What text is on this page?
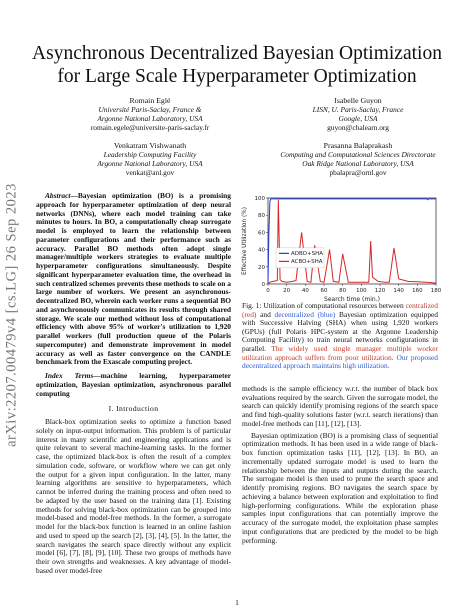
arXiv:2207.00479v4 [cs.LG] 26 Sep 2023
Asynchronous Decentralized Bayesian Optimization
for Large Scale Hyperparameter Optimization
Romain Eglé
Université Paris-Saclay, France &
Argonne National Laboratory, USA
romain.egele@universite-paris-saclay.fr
Isabelle Guyon
LISN, U. Paris-Saclay, France
Google, USA
guyon@chalearn.org
Venkatram Vishwanath
Leadership Computing Facility
Argonne National Laboratory, USA
venkat@anl.gov
Prasanna Balaprakash
Computing and Computational Sciences Directorate
Oak Ridge National Laboratory, USA
pbalapra@ornl.gov

Abstract—Bayesian optimization (BO) is a promising approach for hyperparameter optimization of deep neural networks (DNNs), where each model training can take minutes to hours. In BO, a computationally cheap surrogate model is employed to learn the relationship between parameter configurations and their performance such as accuracy. Parallel BO methods often adopt single manager/multiple workers strategies to evaluate multiple hyperparameter configurations simultaneously. Despite significant hyperparameter evaluation time, the overhead in such centralized schemes prevents these methods to scale on a large number of workers. We present an asynchronous-decentralized BO, wherein each worker runs a sequential BO and asynchronously communicates its results through shared storage. We scale our method without loss of computational efficiency with above 95% of worker's utilization to 1,920 parallel workers (full production queue of the Polaris supercomputer) and demonstrate improvement in model accuracy as well as faster convergence on the CANDLE benchmark from the Exascale computing project.

Index Terms—machine learning, hyperparameter optimization, Bayesian optimization, asynchronous parallel computing

I. Introduction

Black-box optimization seeks to optimize a function based solely on input-output information. This problem is of particular interest in many scientific and engineering applications and is quite relevant to several machine-learning tasks. In the former case, the optimized black-box is often the result of a complex simulation code, software, or workflow where we can get only the output for a given input configuration. In the latter, many learning algorithms are sensitive to hyperparameters, which cannot be inferred during the training process and often need to be adapted by the user based on the training data [1]. Existing methods for solving black-box optimization can be grouped into model-based and model-free methods. In the former, a surrogate model for the black-box function is learned in an online fashion and used to speed up the search [2], [3], [4], [5]. In the latter, the search navigates the search space directly without any explicit model [6], [7], [8], [9], [10]. These two groups of methods have their own strengths and weaknesses. A key advantage of model-based over model-free

0 20 40 60 80 100 120 140 160 180
0
20
40
60
80
100
Search time (min.)
Effective Utilization (%)	ADBO+SHA
ACBO+SHA

Fig. 1: Utilization of computational resources between centralized (red) and decentralized (blue) Bayesian optimization equipped with Successive Halving (SHA) when using 1,920 workers (GPUs) (full Polaris HPC-system at the Argonne Leadership Computing Facility) to train neural networks configurations in parallel. The widely used single manager multiple worker utilization approach suffers from poor utilization. Our proposed decentralized approach maintains high utilization.

methods is the sample efficiency w.r.t. the number of black box evaluations required by the search. Given the surrogate model, the search can quickly identify promising regions of the search space and find high-quality solutions faster (w.r.t. search iterations) than model-free methods can [11], [12], [13].

Bayesian optimization (BO) is a promising class of sequential optimization methods. It has been used in a wide range of black-box function optimization tasks [11], [12], [13]. In BO, an incrementally updated surrogate model is used to learn the relationship between the inputs and outputs during the search. The surrogate model is then used to prune the search space and identify promising regions. BO navigates the search space by achieving a balance between exploration and exploitation to find high-performing configurations. While the exploration phase samples input configurations that can potentially improve the accuracy of the surrogate model, the exploitation phase samples input configurations that are predicted by the model to be high performing.

1
